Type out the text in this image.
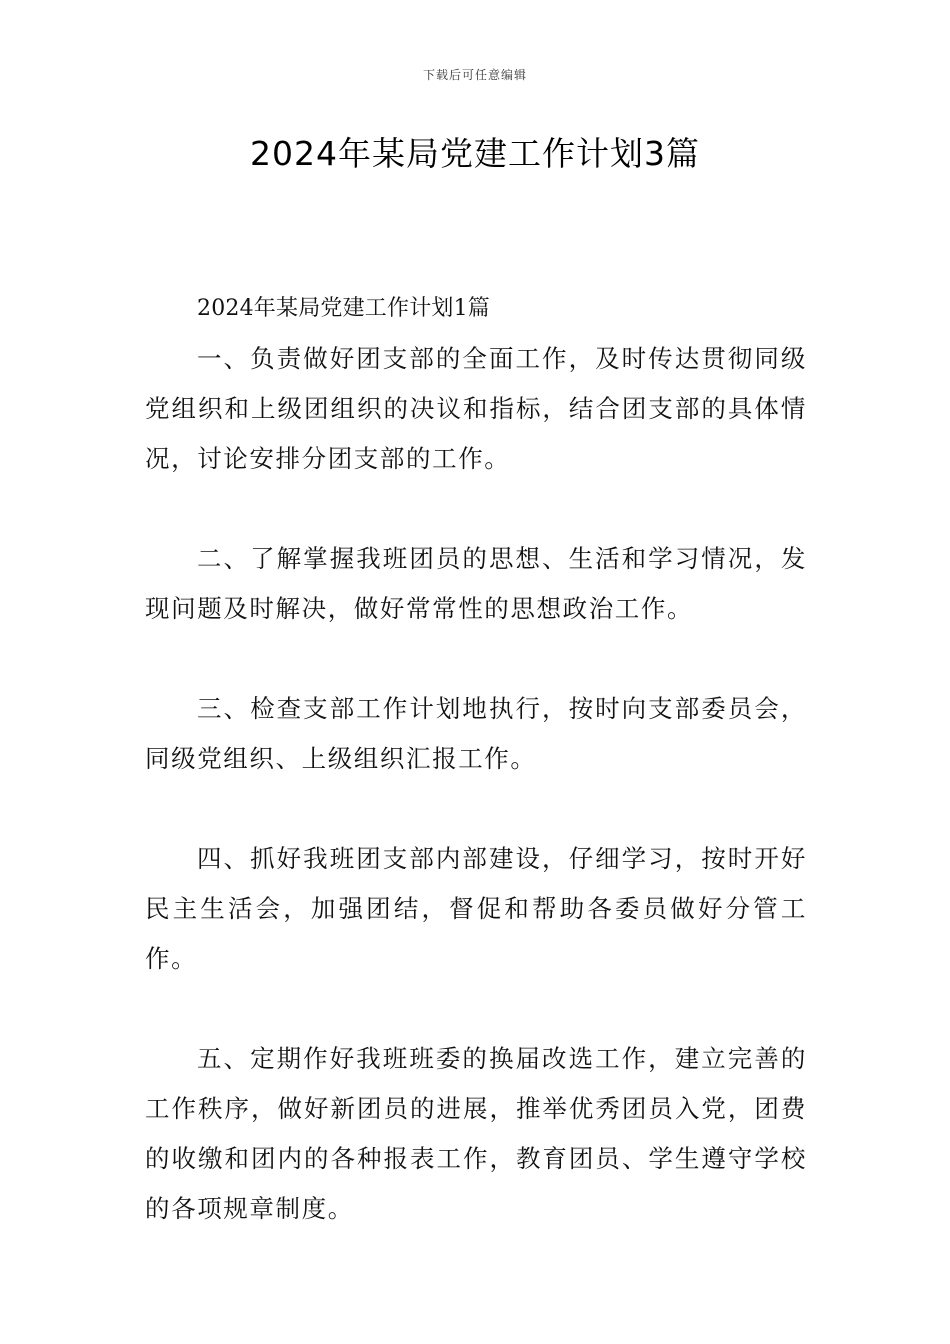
下载后可任意编辑
2024年某局党建工作计划3篇

2024年某局党建工作计划1篇

一、负责做好团支部的全面工作，及时传达贯彻同级党组织和上级团组织的决议和指标，结合团支部的具体情况，讨论安排分团支部的工作。

二、了解掌握我班团员的思想、生活和学习情况，发现问题及时解决，做好常常性的思想政治工作。

三、检查支部工作计划地执行，按时向支部委员会，同级党组织、上级组织汇报工作。

四、抓好我班团支部内部建设，仔细学习，按时开好民主生活会，加强团结，督促和帮助各委员做好分管工作。

五、定期作好我班班委的换届改选工作，建立完善的工作秩序，做好新团员的进展，推举优秀团员入党，团费的收缴和团内的各种报表工作，教育团员、学生遵守学校的各项规章制度。
